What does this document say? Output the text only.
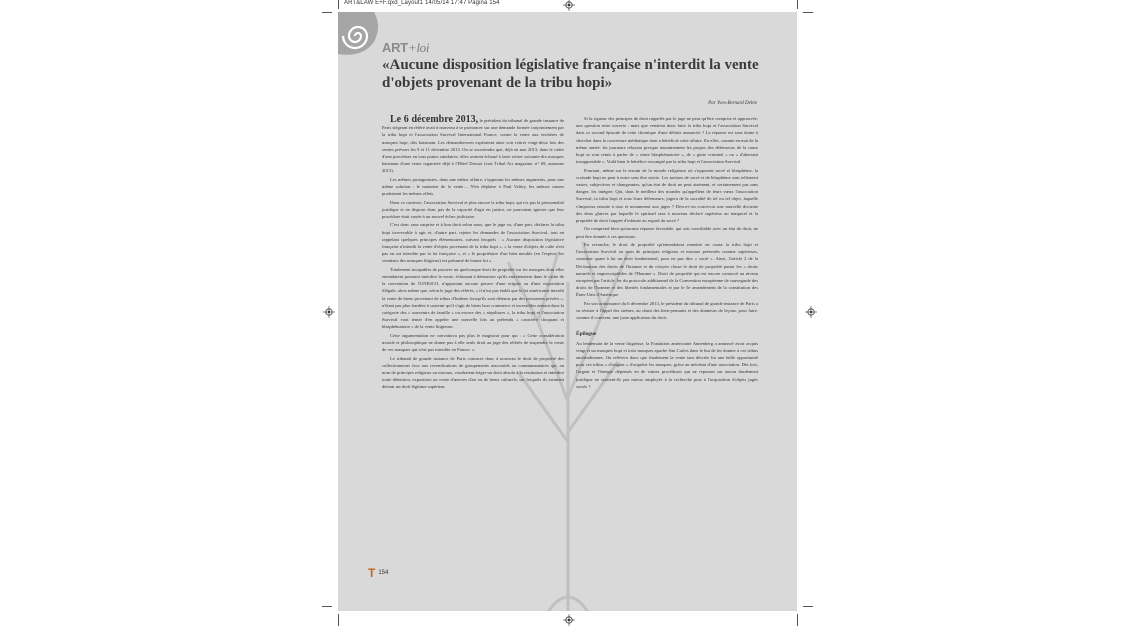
ART&LAW E+F.qxd_Layout1 14/05/14 17:47 Pagina 154
ART+loi
«Aucune disposition législative française n'interdit la vente d'objets provenant de la tribu hopi»
Par Yves-Bernard Debie

Le 6 décembre 2013, le président du tribunal de grande instance de Paris siégeant en référé avait à nouveau à se prononcer sur une demande formée conjointement par la tribu hopi et l'association Survival International France, contre la vente aux enchères de masques hopi, dits katsinam. Les demanderesses espéraient ainsi voir retirer vingt-deux lots des ventes prévues les 9 et 11 décembre 2013. On se souviendra que, déjà en mai 2013, dans le cadre d'une procédure en tous points similaires, elles avaient échoué à faire retirer soixante-dix masques katsinam d'une vente organisée déjà à l'Hôtel Drouot (voir Tribal Art magazine, n° 69, automne 2013).

Les mêmes protagonistes, dans une même affaire, s'opposant les mêmes arguments, pour une même solution : le maintien de la vente… N'en déplaise à Paul Valéry, les mêmes causes produisent les mêmes effets.

Dans ce contexte, l'association Survival et plus encore la tribu hopi, qui n'a pas la personnalité juridique et ne dispose donc pas de la capacité d'agir en justice, ne pouvaient ignorer que leur procédure était vouée à un nouvel échec judiciaire.

C'est donc sans surprise et à bon droit selon nous, que le juge va, d'une part, déclarer la tribu hopi irrecevable à agir et, d'autre part, rejeter les demandes de l'association Survival, tout en rappelant quelques principes élémentaires, suivant lesquels : « Aucune disposition législative française n'interdit la vente d'objets provenant de la tribu hopi », « la vente d'objets de culte n'est pas en soi interdite par la loi française », et « le propriétaire d'un bien meuble (en l'espèce, les vendeurs des masques litigieux) est présumé de bonne foi ».

Totalement incapables de prouver un quelconque droit de propriété sur les masques dont elles entendaient pourtant interdire la vente, échouant à démontrer qu'ils entretenaient dans le cadre de la convention de l'UNESCO, n'apportant aucune preuve d'une origine ou d'une exportation illégale, alors même que, selon le juge des référés, « il n'est pas établi que la loi américaine interdit la vente de biens provenant de tribus d'Indiens lorsqu'ils sont détenus par des personnes privées », n'étant pas plus fondées à soutenir qu'il s'agit de biens hors commerce et incessibles entrant dans la catégorie des « souvenirs de famille » ou encore des « sépultures », la tribu hopi et l'association Survival vont tenter d'en appeler une nouvelle fois au prétendu « caractère choquant et blasphématoire » de la vente litigieuse.

Cette argumentation ne convaincra pas plus le magistrat pour qui : « Cette considération morale et philosophique ne donne pas à elle seule droit au juge des référés de suspendre la vente de ces masques qui n'est pas interdite en France. ».

Le tribunal de grande instance de Paris consacre donc à nouveau le droit de propriété des collectionneurs face aux revendications de groupements associatifs ou communautaires qui, au nom de principes religieux ou moraux, voudraient ériger un droit absolu à la restitution et interdire toute détention, exposition ou vente d'œuvres d'art ou de biens culturels, sur lesquels ils estiment détenir un droit légitime supérieur.

Si la rigueur des principes de droit rappelés par le juge ne peut qu'être comprise et approuvée, une question reste ouverte : mais que venaient donc faire la tribu hopi et l'association Survival dans ce second épisode de cette chronique d'une défaite annoncée ? La réponse est sans doute à chercher dans la couverture médiatique dont a bénéficié cette affaire. En effet, comme en mai de la même année, les journaux relayant presque unanimement les propos des défenseurs de la cause hopi se sont remis à parler de « vente blasphématoire », de « geste criminel » ou « d'aberrant insupportable ». Voilà bien le bénéfice escompté par la tribu hopi et l'association Survival.

Pourtant, même sur le terrain de la morale religieuse où s'opposent sacré et blasphème, la croisade hopi ne peut à notre sens être suivie. Les notions de sacré et de blasphème sont tellement vastes, subjectives et changeantes, qu'un état de droit ne peut aisément, et certainement pas sans danger, les intégrer. Qui, dans le meilleur des mondes qu'appellent de leurs vœux l'association Survival, la tribu hopi et tous leurs défenseurs, jugera de la sacralité de tel ou tel objet, laquelle s'imposera ensuite à tous et notamment aux juges ? Devra-t-on concevoir une nouvelle doctrine des deux glaives par laquelle le spirituel sera à nouveau déclaré supérieur au temporel et la propriété de droit frappée d'infamie au regard du sacré ?

On comprend bien qu'aucune réponse favorable, qui soit conciliable avec un état de droit, ne peut être donnée à ces questions.

En revanche, le droit de propriété qu'entendaient remettre en cause la tribu hopi et l'association Survival au nom de principes religieux et moraux présentés comme supérieurs, constitue quant à lui un droit fondamental, pour ne pas dire « sacré ». Ainsi, l'article 2 de la Déclaration des droits de l'homme et du citoyen classe le droit de propriété parmi les « droits naturels et imprescriptibles de l'Homme ». Droit de propriété qui est encore consacré au niveau européen par l'article 1er du protocole additionnel de la Convention européenne de sauvegarde des droits de l'homme et des libertés fondamentales et par le 5e amendement de la constitution des États-Unis d'Amérique.

Par son ordonnance du 6 décembre 2013, le président du tribunal de grande instance de Paris a su résister à l'appel des sirènes, au chant des bien-pensants et des donneurs de leçons, pour faire, comme il convient, une juste application du droit.

Épilogue

Au lendemain de la vente litigieuse, la Fondation américaine Annenberg a annoncé avoir acquis vingt et un masques hopi et trois masques apache San Carlos dans le but de les donner à ces tribus amérindiennes. On relèvera donc que finalement la vente tant décriée fut une belle opportunité pour ces tribus « d'origine » d'acquérir les masques, grâce au mécénat d'une association. Dès lors, l'argent et l'énergie dépensés en de vaines procédures qui ne reposent sur aucun fondement juridique ne seraient-ils pas mieux employés à la recherche puis à l'acquisition d'objets jugés sacrés ?

T 154
